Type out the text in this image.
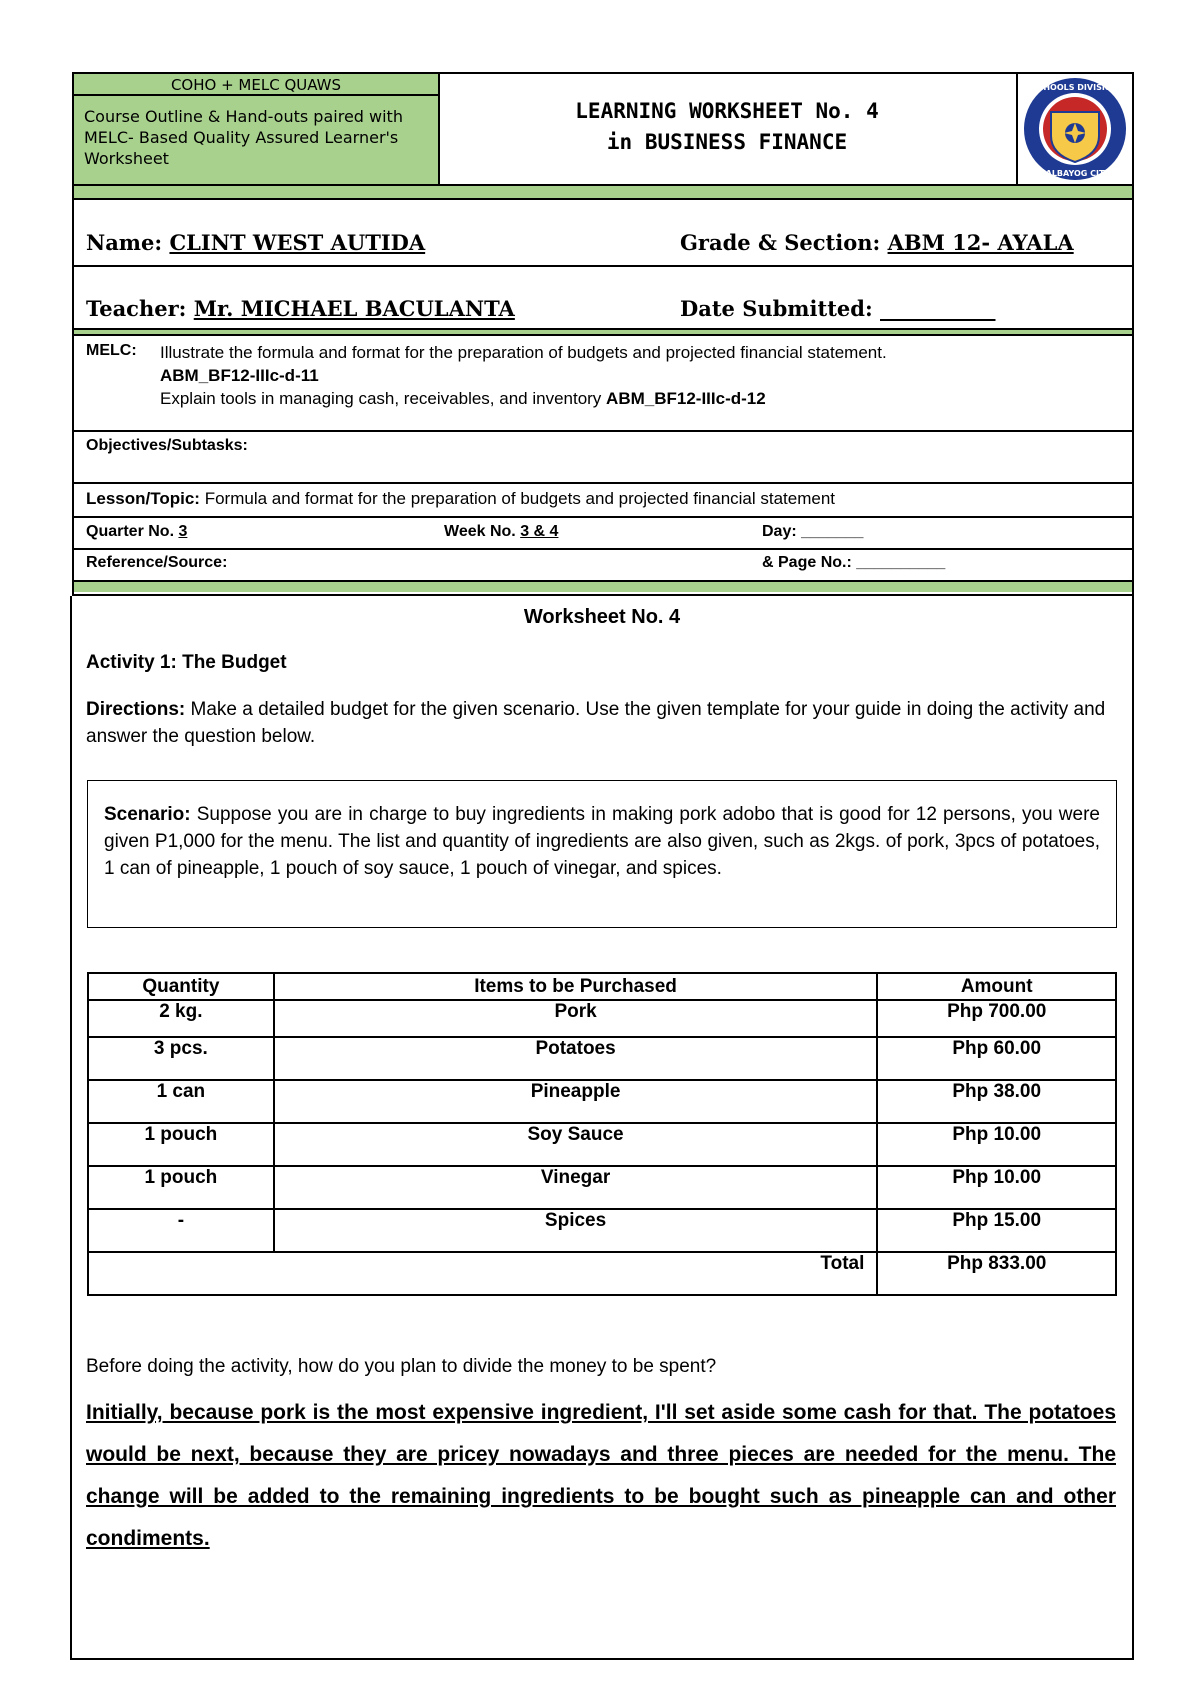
COHO + MELC QUAWS
Course Outline & Hand-outs paired with MELC- Based Quality Assured Learner's Worksheet
LEARNING WORKSHEET No. 4
in BUSINESS FINANCE
SCHOOLS DIVISION
CALBAYOG CITY
Name: CLINT WEST AUTIDA	Grade & Section: ABM 12- AYALA
Teacher: Mr. MICHAEL BACULANTA	Date Submitted: ___________
MELC: Illustrate the formula and format for the preparation of budgets and projected financial statement.
ABM_BF12-IIIc-d-11
Explain tools in managing cash, receivables, and inventory ABM_BF12-IIIc-d-12
Objectives/Subtasks:
Lesson/Topic: Formula and format for the preparation of budgets and projected financial statement
Quarter No. 3	Week No. 3 & 4	Day: _______
Reference/Source:	& Page No.: __________
Worksheet No. 4
Activity 1: The Budget
Directions: Make a detailed budget for the given scenario. Use the given template for your guide in doing the activity and answer the question below.
Scenario: Suppose you are in charge to buy ingredients in making pork adobo that is good for 12 persons, you were given P1,000 for the menu. The list and quantity of ingredients are also given, such as 2kgs. of pork, 3pcs of potatoes, 1 can of pineapple, 1 pouch of soy sauce, 1 pouch of vinegar, and spices.
Quantity	Items to be Purchased	Amount
2 kg.	Pork	Php 700.00
3 pcs.	Potatoes	Php 60.00
1 can	Pineapple	Php 38.00
1 pouch	Soy Sauce	Php 10.00
1 pouch	Vinegar	Php 10.00
-	Spices	Php 15.00
Total		Php 833.00
Before doing the activity, how do you plan to divide the money to be spent?
Initially, because pork is the most expensive ingredient, I'll set aside some cash for that. The potatoes would be next, because they are pricey nowadays and three pieces are needed for the menu. The change will be added to the remaining ingredients to be bought such as pineapple can and other condiments.
